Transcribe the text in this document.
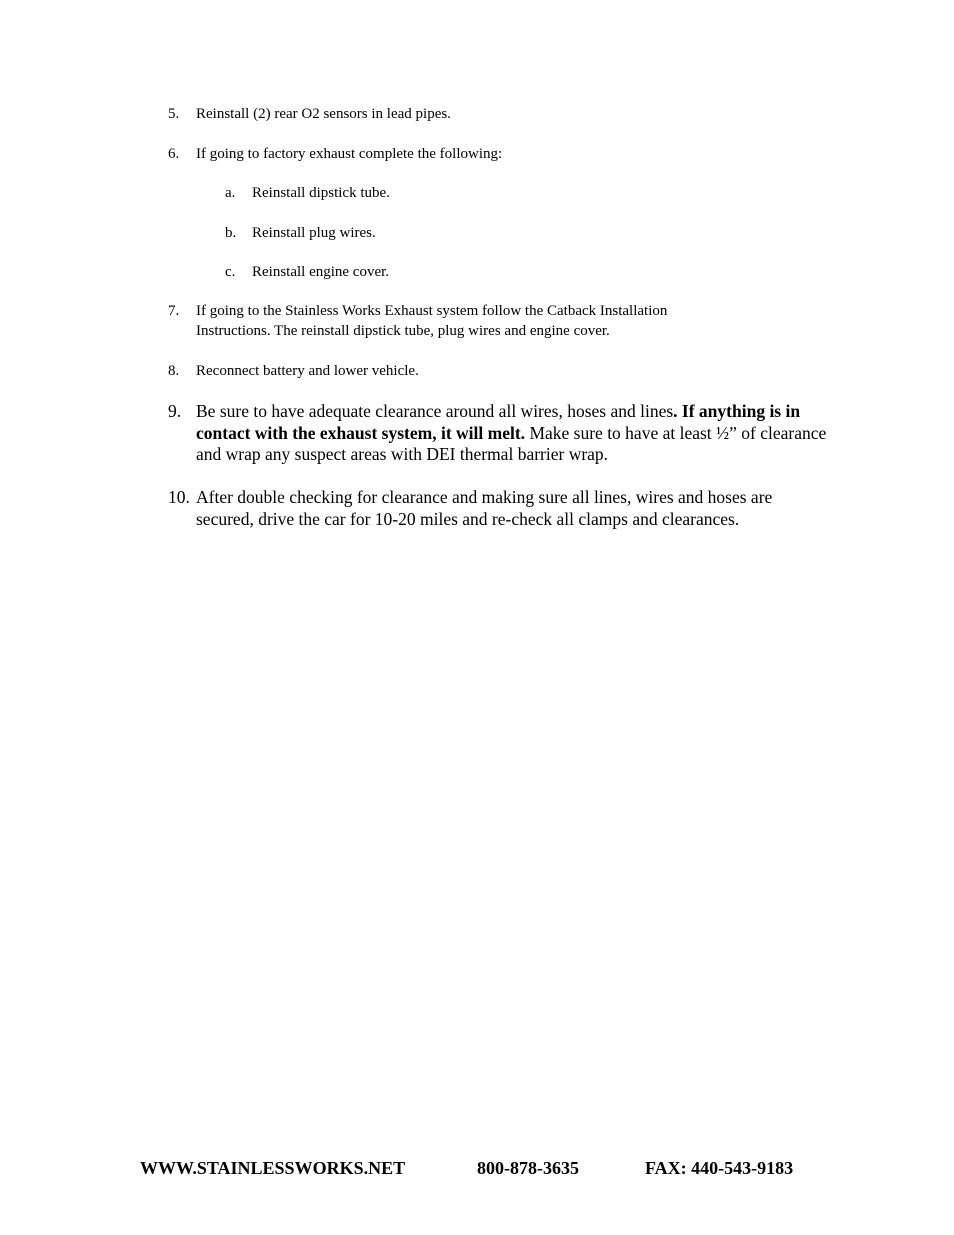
5. Reinstall (2) rear O2 sensors in lead pipes.
6. If going to factory exhaust complete the following:
a. Reinstall dipstick tube.
b. Reinstall plug wires.
c. Reinstall engine cover.
7. If going to the Stainless Works Exhaust system follow the Catback Installation
Instructions. The reinstall dipstick tube, plug wires and engine cover.
8. Reconnect battery and lower vehicle.
9. Be sure to have adequate clearance around all wires, hoses and lines. If anything is in contact with the exhaust system, it will melt. Make sure to have at least ½” of clearance and wrap any suspect areas with DEI thermal barrier wrap.
10. After double checking for clearance and making sure all lines, wires and hoses are secured, drive the car for 10-20 miles and re-check all clamps and clearances.
WWW.STAINLESSWORKS.NET	800-878-3635	FAX: 440-543-9183
